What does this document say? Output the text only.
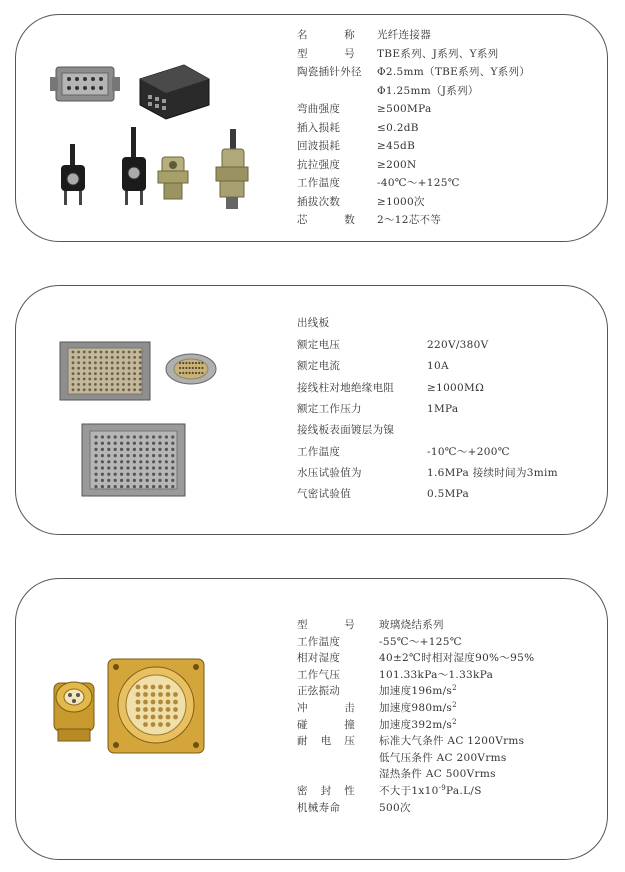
名	称 光纤连接器
型	号 TBE系列、J系列、Y系列
陶瓷插针外径 Φ2.5mm（TBE系列、Y系列）
Φ1.25mm（J系列）
弯曲强度	≥500MPa
插入损耗	≤0.2dB
回波损耗	≥45dB
抗拉强度	≥200N
工作温度	-40℃～+125℃
插拔次数	≥1000次
芯	数 2～12芯不等
出线板
额定电压	220V/380V
额定电流	10A
接线柱对地绝缘电阻	≥1000MΩ
额定工作压力	1MPa
接线板表面镀层为镍
工作温度	-10℃～+200℃
水压试验值为	1.6MPa 接续时间为3mim
气密试验值	0.5MPa
型	号 玻璃烧结系列
工作温度	-55℃～+125℃
相对湿度	40±2℃时相对湿度90%～95%
工作气压	101.33kPa～1.33kPa
正弦振动	加速度$196m/s^2$
冲	击 加速度$980m/s^2$
碰	撞 加速度$392m/s^2$
耐 电 压 标准大气条件 AC 1200Vrms
低气压条件 AC 200Vrms
湿热条件 AC 500Vrms
密 封 性 不大于$1x10^{-9}Pa.L/S$
机械寿命	500次
